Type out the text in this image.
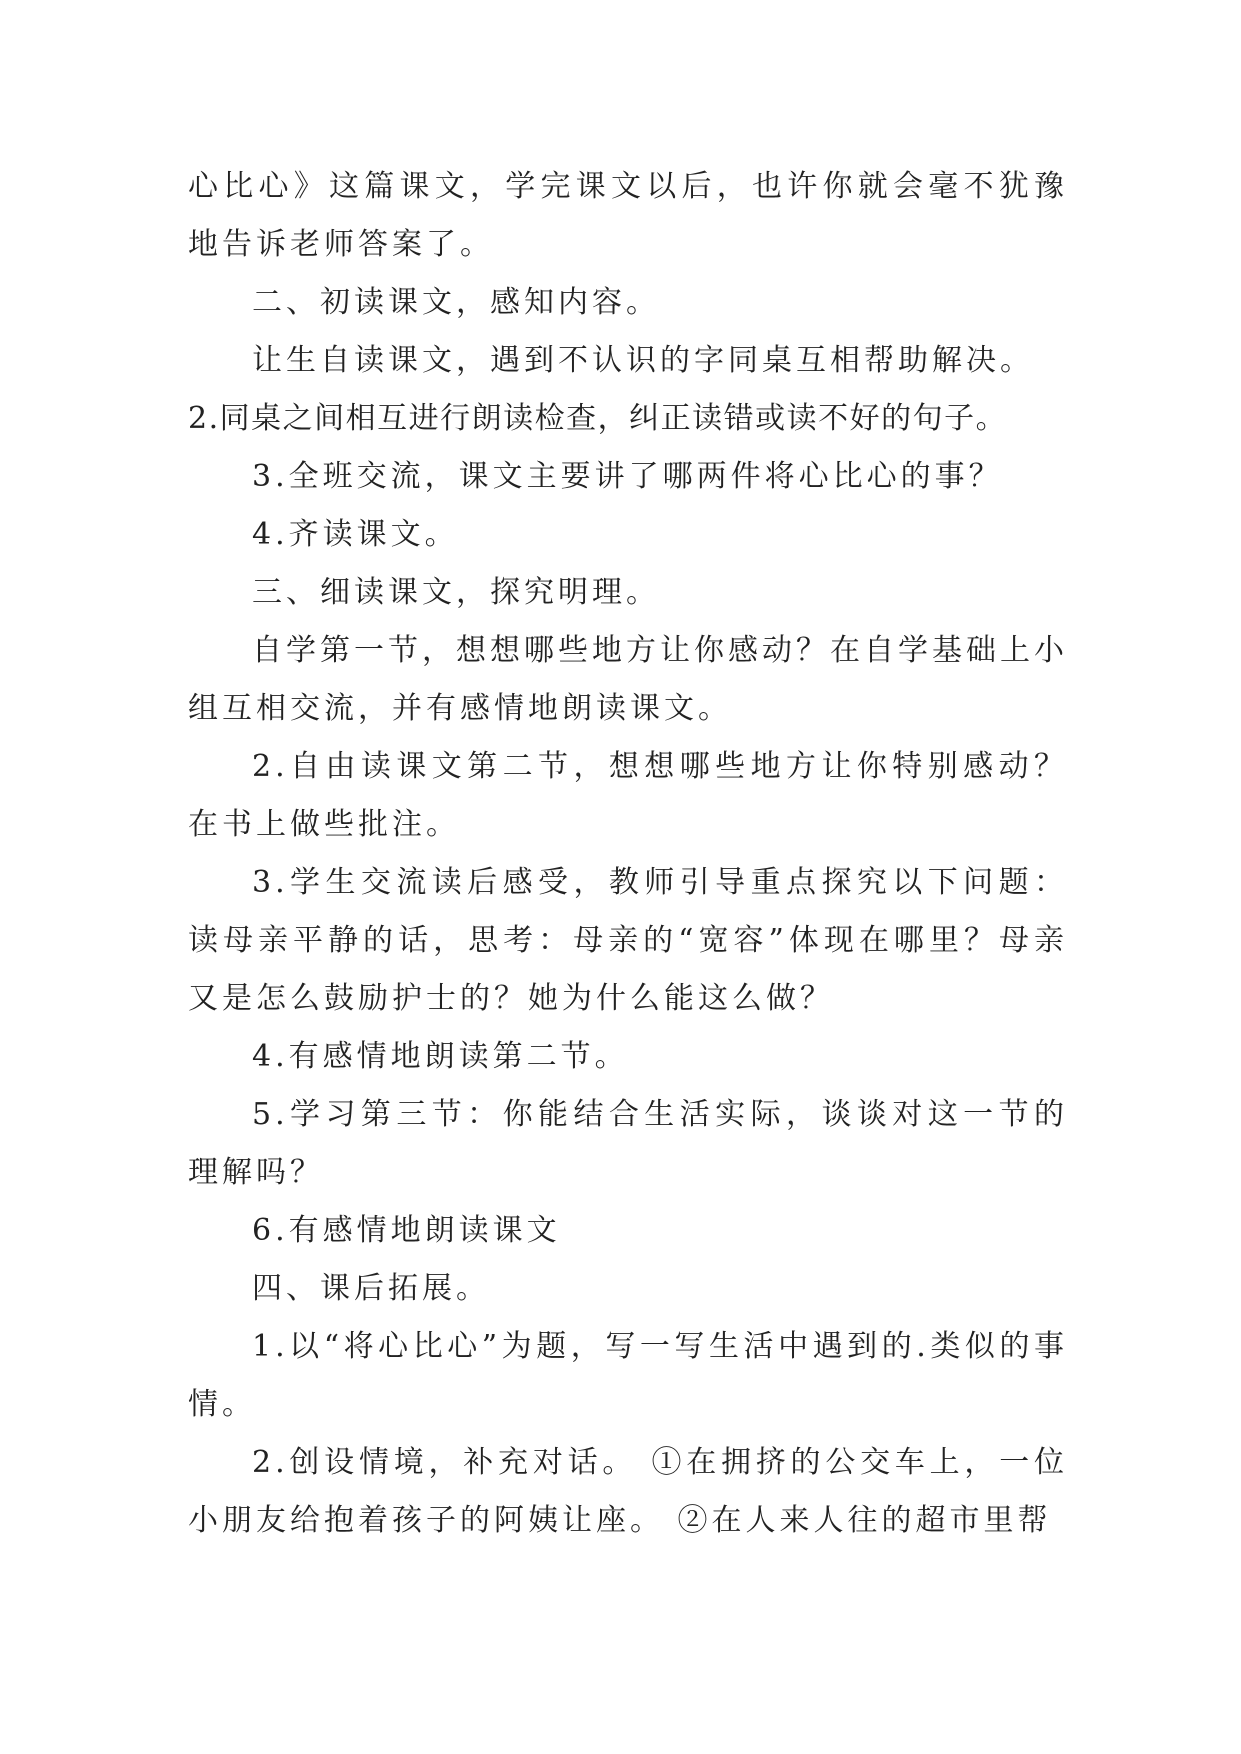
心比心》这篇课文，学完课文以后，也许你就会毫不犹豫地告诉老师答案了。

二、初读课文，感知内容。

让生自读课文，遇到不认识的字同桌互相帮助解决。

2.同桌之间相互进行朗读检查，纠正读错或读不好的句子。

3.全班交流，课文主要讲了哪两件将心比心的事？

4.齐读课文。

三、细读课文，探究明理。

自学第一节，想想哪些地方让你感动？在自学基础上小组互相交流，并有感情地朗读课文。

2.自由读课文第二节，想想哪些地方让你特别感动？在书上做些批注。

3.学生交流读后感受，教师引导重点探究以下问题：读母亲平静的话，思考：母亲的“宽容”体现在哪里？母亲又是怎么鼓励护士的？她为什么能这么做？

4.有感情地朗读第二节。

5.学习第三节：你能结合生活实际，谈谈对这一节的理解吗？

6.有感情地朗读课文

四、课后拓展。

1.以“将心比心”为题，写一写生活中遇到的.类似的事情。

2.创设情境，补充对话。 ①在拥挤的公交车上，一位小朋友给抱着孩子的阿姨让座。 ②在人来人往的超市里帮
